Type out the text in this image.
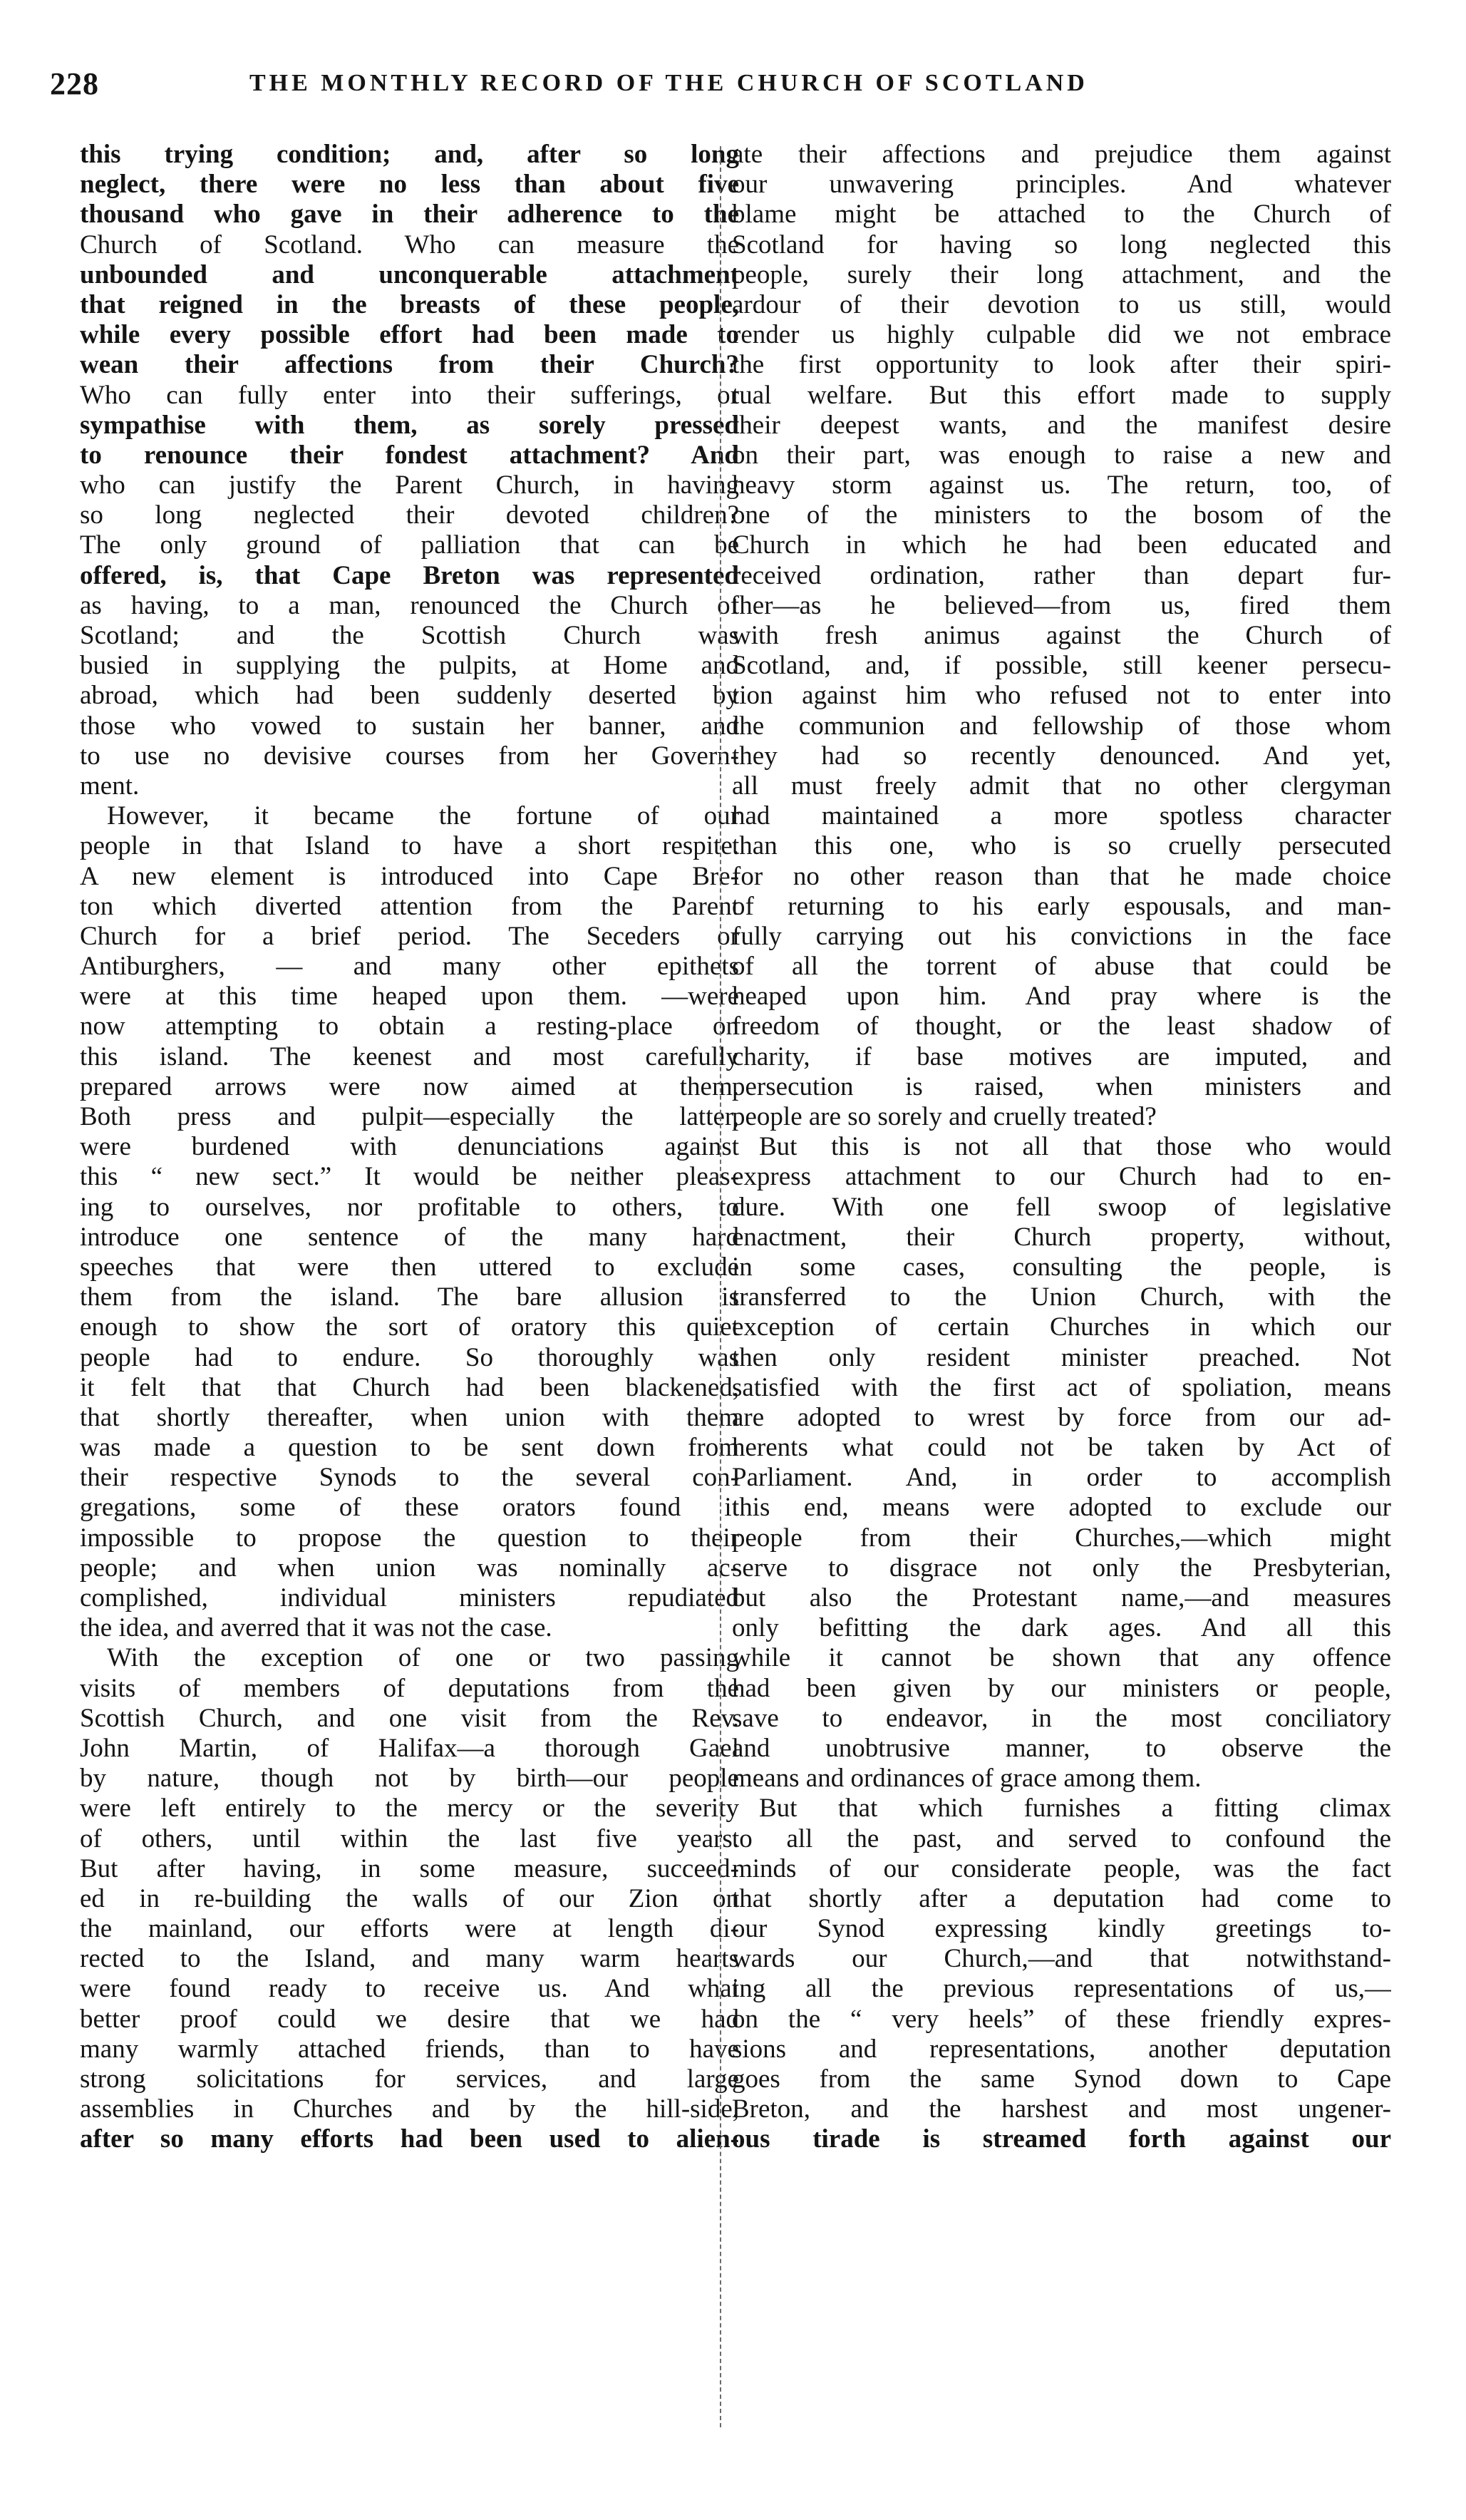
228	THE MONTHLY RECORD OF THE CHURCH OF SCOTLAND
this trying condition; and, after so long
neglect, there were no less than about five
thousand who gave in their adherence to the
Church of Scotland. Who can measure the
unbounded and unconquerable attachment
that reigned in the breasts of these people,
while every possible effort had been made to
wean their affections from their Church?
Who can fully enter into their sufferings, or
sympathise with them, as sorely pressed
to renounce their fondest attachment? And
who can justify the Parent Church, in having
so long neglected their devoted children?
The only ground of palliation that can be
offered, is, that Cape Breton was represented
as having, to a man, renounced the Church of
Scotland; and the Scottish Church was
busied in supplying the pulpits, at Home and
abroad, which had been suddenly deserted by
those who vowed to sustain her banner, and
to use no devisive courses from her Govern-
ment.
However, it became the fortune of our
people in that Island to have a short respite.
A new element is introduced into Cape Bre-
ton which diverted attention from the Parent
Church for a brief period. The Seceders or
Antiburghers, — and many other epithets
were at this time heaped upon them. —were
now attempting to obtain a resting-place on
this island. The keenest and most carefully
prepared arrows were now aimed at them.
Both press and pulpit—especially the latter,
were burdened with denunciations against
this “ new sect.” It would be neither pleas-
ing to ourselves, nor profitable to others, to
introduce one sentence of the many hard
speeches that were then uttered to exclude
them from the island. The bare allusion is
enough to show the sort of oratory this quiet
people had to endure. So thoroughly was
it felt that that Church had been blackened,
that shortly thereafter, when union with them
was made a question to be sent down from
their respective Synods to the several con-
gregations, some of these orators found it
impossible to propose the question to their
people; and when union was nominally ac-
complished, individual ministers repudiated
the idea, and averred that it was not the case.
With the exception of one or two passing
visits of members of deputations from the
Scottish Church, and one visit from the Rev.
John Martin, of Halifax—a thorough Gael
by nature, though not by birth—our people
were left entirely to the mercy or the severity
of others, until within the last five years.
But after having, in some measure, succeed-
ed in re-building the walls of our Zion on
the mainland, our efforts were at length di-
rected to the Island, and many warm hearts
were found ready to receive us. And what
better proof could we desire that we had
many warmly attached friends, than to have
strong solicitations for services, and large
assemblies in Churches and by the hill-side,
after so many efforts had been used to alien-
ate their affections and prejudice them against
our unwavering principles. And whatever
blame might be attached to the Church of
Scotland for having so long neglected this
people, surely their long attachment, and the
ardour of their devotion to us still, would
render us highly culpable did we not embrace
the first opportunity to look after their spiri-
tual welfare. But this effort made to supply
their deepest wants, and the manifest desire
on their part, was enough to raise a new and
heavy storm against us. The return, too, of
one of the ministers to the bosom of the
Church in which he had been educated and
received ordination, rather than depart fur-
ther—as he believed—from us, fired them
with fresh animus against the Church of
Scotland, and, if possible, still keener persecu-
tion against him who refused not to enter into
the communion and fellowship of those whom
they had so recently denounced. And yet,
all must freely admit that no other clergyman
had maintained a more spotless character
than this one, who is so cruelly persecuted
for no other reason than that he made choice
of returning to his early espousals, and man-
fully carrying out his convictions in the face
of all the torrent of abuse that could be
heaped upon him. And pray where is the
freedom of thought, or the least shadow of
charity, if base motives are imputed, and
persecution is raised, when ministers and
people are so sorely and cruelly treated?
But this is not all that those who would
express attachment to our Church had to en-
dure. With one fell swoop of legislative
enactment, their Church property, without,
in some cases, consulting the people, is
transferred to the Union Church, with the
exception of certain Churches in which our
then only resident minister preached. Not
satisfied with the first act of spoliation, means
are adopted to wrest by force from our ad-
herents what could not be taken by Act of
Parliament. And, in order to accomplish
this end, means were adopted to exclude our
people from their Churches,—which might
serve to disgrace not only the Presbyterian,
but also the Protestant name,—and measures
only befitting the dark ages. And all this
while it cannot be shown that any offence
had been given by our ministers or people,
save to endeavor, in the most conciliatory
and unobtrusive manner, to observe the
means and ordinances of grace among them.
But that which furnishes a fitting climax
to all the past, and served to confound the
minds of our considerate people, was the fact
that shortly after a deputation had come to
our Synod expressing kindly greetings to-
wards our Church,—and that notwithstand-
ing all the previous representations of us,—
on the “ very heels” of these friendly expres-
sions and representations, another deputation
goes from the same Synod down to Cape
Breton, and the harshest and most ungener-
ous tirade is streamed forth against our
